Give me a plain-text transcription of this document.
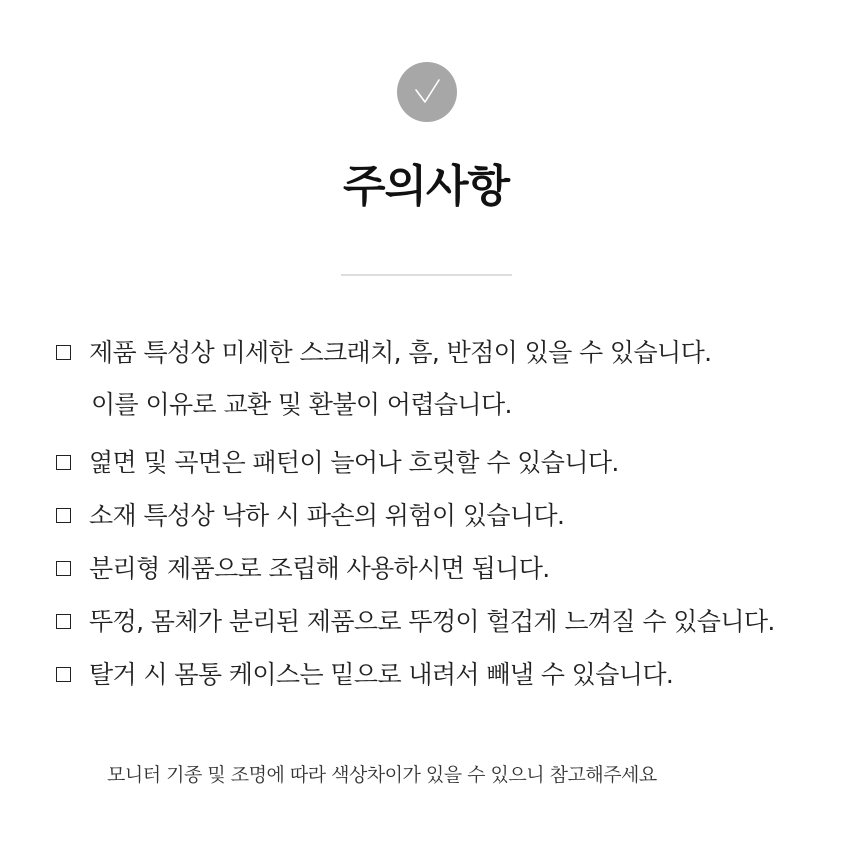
주의사항
제품 특성상 미세한 스크래치, 흠, 반점이 있을 수 있습니다.
이를 이유로 교환 및 환불이 어렵습니다.
엹면 및 곡면은 패턴이 늘어나 흐릿할 수 있습니다.
소재 특성상 낙하 시 파손의 위험이 있습니다.
분리형 제품으로 조립해 사용하시면 됩니다.
뚜껑, 몸체가 분리된 제품으로 뚜껑이 헐겁게 느껴질 수 있습니다.
탈거 시 몸통 케이스는 밑으로 내려서 빼낼 수 있습니다.
모니터 기종 및 조명에 따라 색상차이가 있을 수 있으니 참고해주세요
